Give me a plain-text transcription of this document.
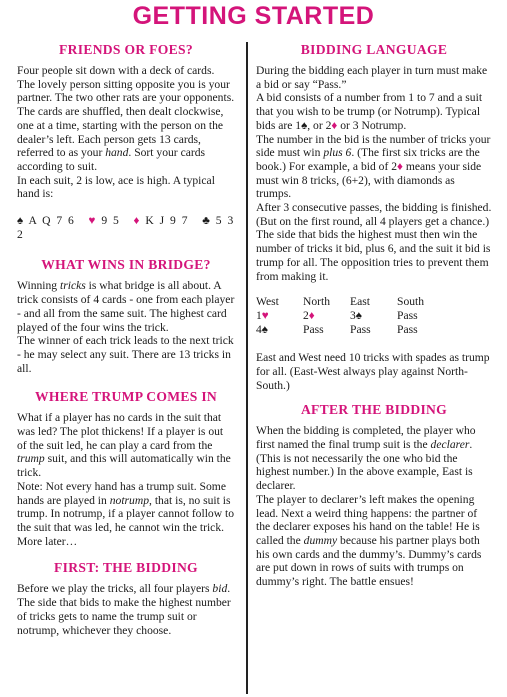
GETTING STARTED
FRIENDS OR FOES?

Four people sit down with a deck of cards. The lovely person sitting opposite you is your partner. The two other rats are your opponents.

The cards are shuffled, then dealt clockwise, one at a time, starting with the person on the dealer’s left. Each person gets 13 cards, referred to as your hand. Sort your cards according to suit.

In each suit, 2 is low, ace is high. A typical hand is:

♠ A Q 7 6 ♥ 9 5 ♦ K J 9 7 ♣ 5 3 2

WHAT WINS IN BRIDGE?

Winning tricks is what bridge is all about. A trick consists of 4 cards - one from each player - and all from the same suit. The highest card played of the four wins the trick.

The winner of each trick leads to the next trick - he may select any suit. There are 13 tricks in all.

WHERE TRUMP COMES IN

What if a player has no cards in the suit that was led? The plot thickens! If a player is out of the suit led, he can play a card from the trump suit, and this will automatically win the trick.

Note: Not every hand has a trump suit. Some hands are played in notrump, that is, no suit is trump. In notrump, if a player cannot follow to the suit that was led, he cannot win the trick. More later…

FIRST: THE BIDDING

Before we play the tricks, all four players bid. The side that bids to make the highest number of tricks gets to name the trump suit or notrump, whichever they choose.

BIDDING LANGUAGE

During the bidding each player in turn must make a bid or say “Pass.”

A bid consists of a number from 1 to 7 and a suit that you wish to be trump (or Notrump). Typical bids are 1♠, or 2♦ or 3 Notrump.

The number in the bid is the number of tricks your side must win plus 6. (The first six tricks are the book.) For example, a bid of 2♦ means your side must win 8 tricks, (6+2), with diamonds as trumps.

After 3 consecutive passes, the bidding is finished. (But on the first round, all 4 players get a chance.)

The side that bids the highest must then win the number of tricks it bid, plus 6, and the suit it bid is trump for all. The opposition tries to prevent them from making it.

West	North	East	South
1♥	2♦	3♠	Pass
4♠	Pass	Pass	Pass

East and West need 10 tricks with spades as trump for all. (East-West always play against North-South.)

AFTER THE BIDDING

When the bidding is completed, the player who first named the final trump suit is the declarer. (This is not necessarily the one who bid the highest number.) In the above example, East is declarer.

The player to declarer’s left makes the opening lead. Next a weird thing happens: the partner of the declarer exposes his hand on the table! He is called the dummy because his partner plays both his own cards and the dummy’s. Dummy’s cards are put down in rows of suits with trumps on dummy’s right. The battle ensues!
